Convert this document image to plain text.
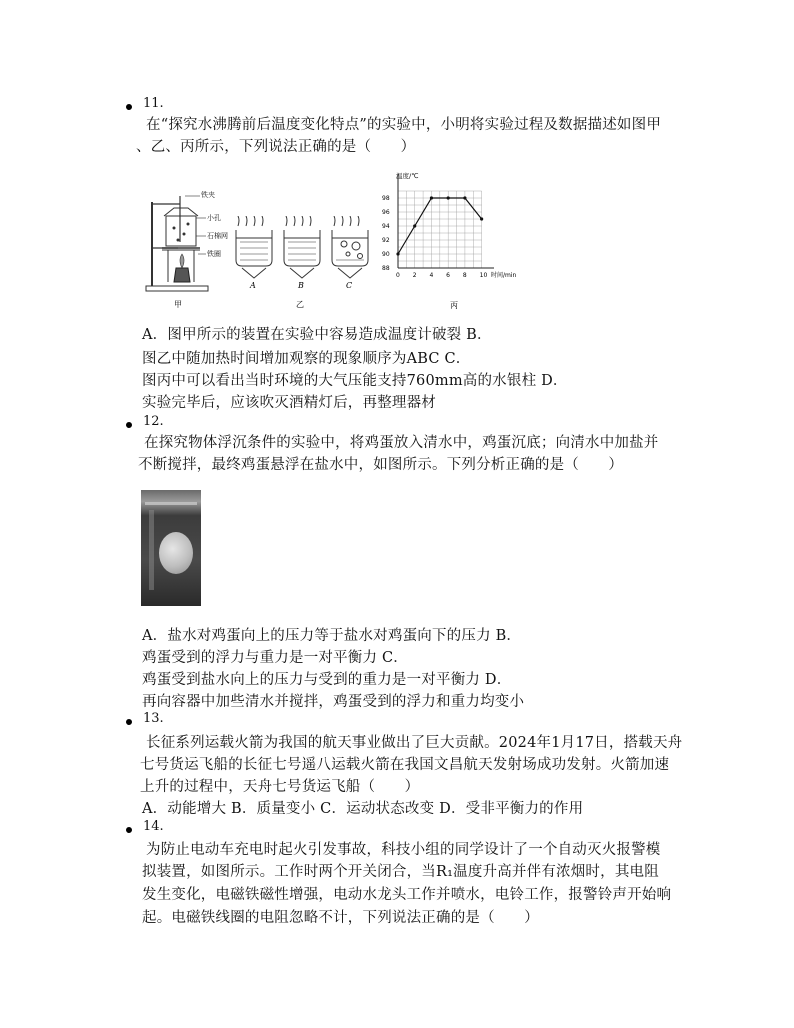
11.
在“探究水沸腾前后温度变化特点”的实验中，小明将实验过程及数据描述如图甲
、乙、丙所示，下列说法正确的是（　　）
甲
铁夹
小孔
石棉网
铁圈
A	B	C
乙
0 2 4 6 8 10
90
92
94
96
98
88
温度/℃
时间/min
丙
A．图甲所示的装置在实验中容易造成温度计破裂 B．
图乙中随加热时间增加观察的现象顺序为ABC C．
图丙中可以看出当时环境的大气压能支持760mm高的水银柱 D．
实验完毕后，应该吹灭酒精灯后，再整理器材
12.
在探究物体浮沉条件的实验中，将鸡蛋放入清水中，鸡蛋沉底；向清水中加盐并
不断搅拌，最终鸡蛋悬浮在盐水中，如图所示。下列分析正确的是（　　）
A．盐水对鸡蛋向上的压力等于盐水对鸡蛋向下的压力 B．
鸡蛋受到的浮力与重力是一对平衡力 C．
鸡蛋受到盐水向上的压力与受到的重力是一对平衡力 D．
再向容器中加些清水并搅拌，鸡蛋受到的浮力和重力均变小
13.
长征系列运载火箭为我国的航天事业做出了巨大贡献。2024年1月17日，搭载天舟
七号货运飞船的长征七号遥八运载火箭在我国文昌航天发射场成功发射。火箭加速
上升的过程中，天舟七号货运飞船（　　）
A．动能增大 B．质量变小 C．运动状态改变 D．受非平衡力的作用
14.
为防止电动车充电时起火引发事故，科技小组的同学设计了一个自动灭火报警模
拟装置，如图所示。工作时两个开关闭合，当R₁温度升高并伴有浓烟时，其电阻
发生变化，电磁铁磁性增强，电动水龙头工作并喷水，电铃工作，报警铃声开始响
起。电磁铁线圈的电阻忽略不计，下列说法正确的是（　　）
